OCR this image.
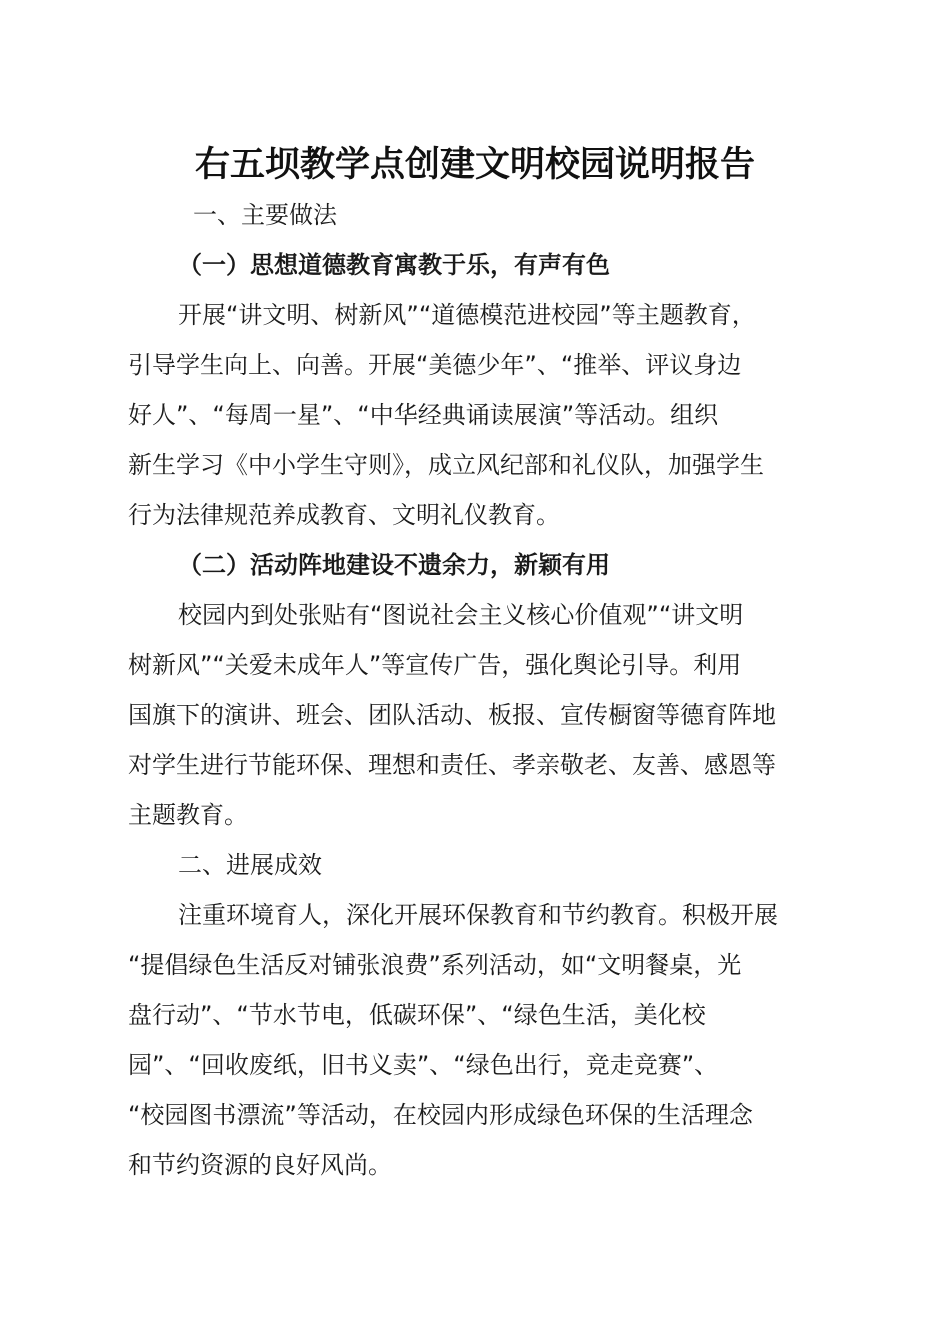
右五坝教学点创建文明校园说明报告
一、主要做法
（一）思想道德教育寓教于乐，有声有色
开展“讲文明、树新风”“道德模范进校园”等主题教育，
引导学生向上、向善。开展“美德少年”、“推举、评议身边
好人”、“每周一星”、“中华经典诵读展演”等活动。组织
新生学习《中小学生守则》，成立风纪部和礼仪队，加强学生
行为法律规范养成教育、文明礼仪教育。
（二）活动阵地建设不遗余力，新颖有用
校园内到处张贴有“图说社会主义核心价值观”“讲文明
树新风”“关爱未成年人”等宣传广告，强化舆论引导。利用
国旗下的演讲、班会、团队活动、板报、宣传橱窗等德育阵地
对学生进行节能环保、理想和责任、孝亲敬老、友善、感恩等
主题教育。
二、进展成效
注重环境育人，深化开展环保教育和节约教育。积极开展
“提倡绿色生活反对铺张浪费”系列活动，如“文明餐桌，光
盘行动”、“节水节电，低碳环保”、“绿色生活，美化校
园”、“回收废纸，旧书义卖”、“绿色出行，竞走竞赛”、
“校园图书漂流”等活动，在校园内形成绿色环保的生活理念
和节约资源的良好风尚。
